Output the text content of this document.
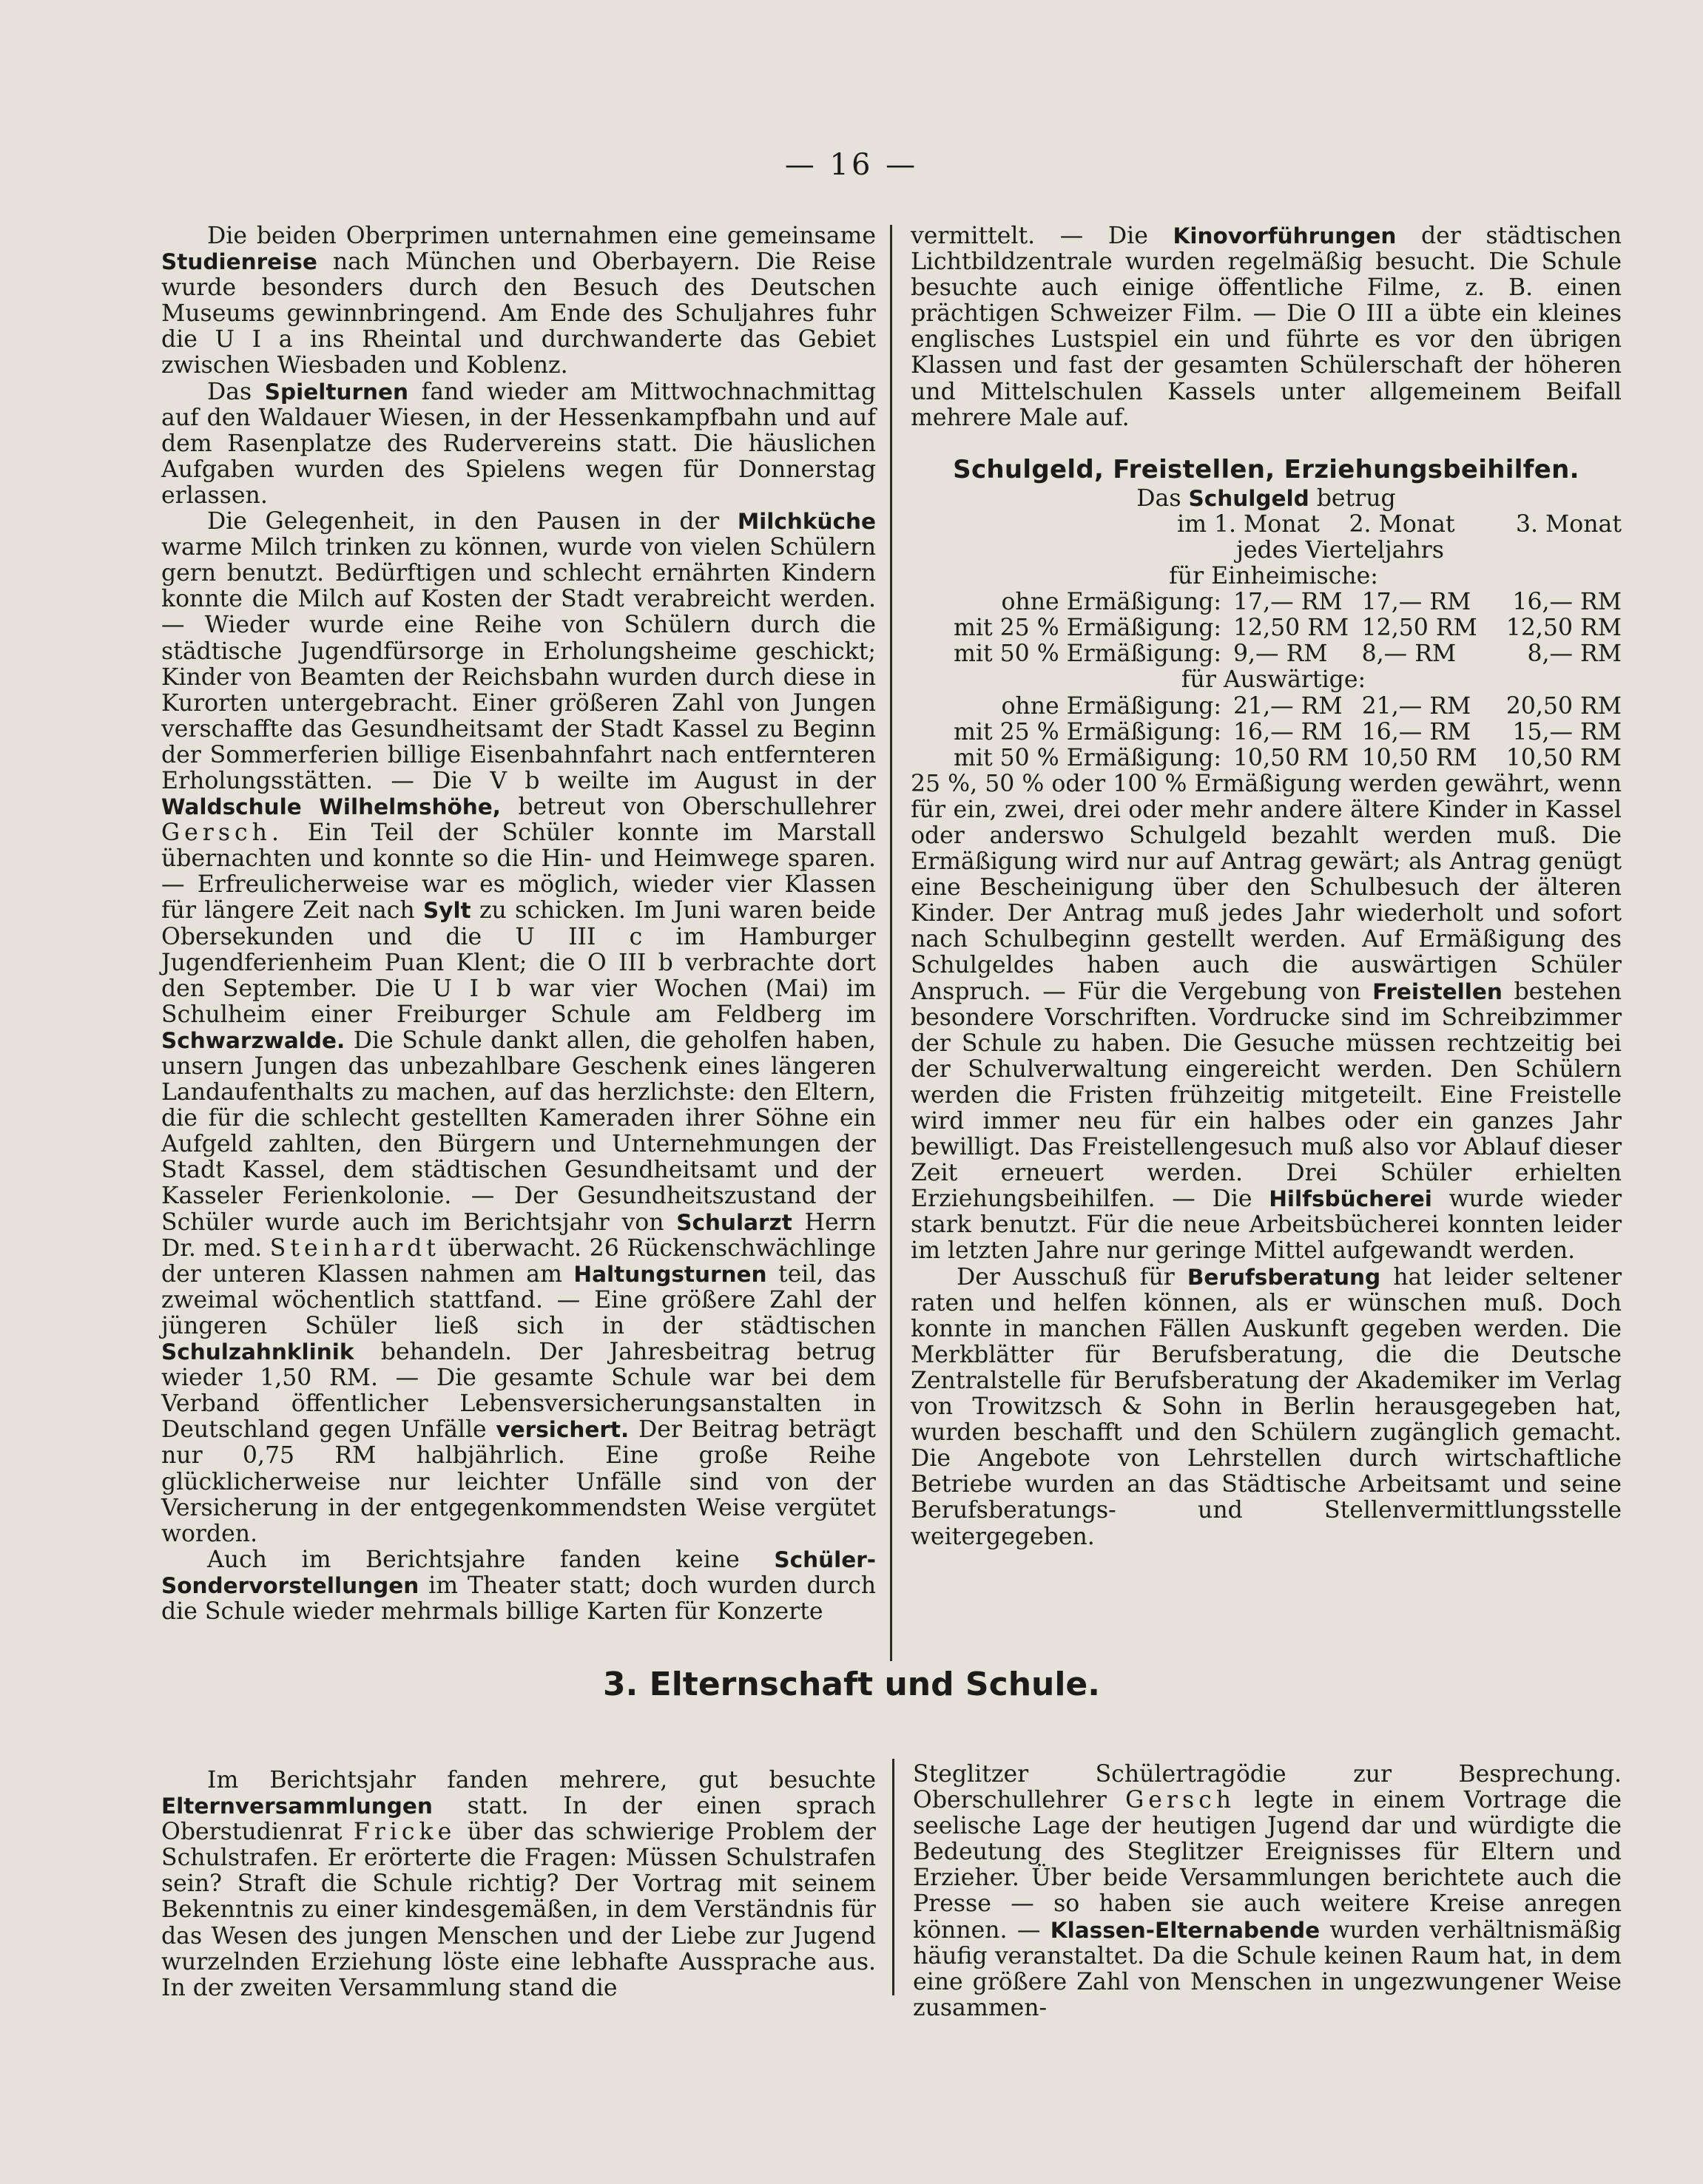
— 16 —

Die beiden Oberprimen unternahmen eine gemeinsame Studienreise nach München und Oberbayern. Die Reise wurde besonders durch den Besuch des Deutschen Museums gewinnbringend. Am Ende des Schuljahres fuhr die U I a ins Rheintal und durchwanderte das Gebiet zwischen Wiesbaden und Koblenz.

Das Spielturnen fand wieder am Mittwochnachmittag auf den Waldauer Wiesen, in der Hessenkampfbahn und auf dem Rasenplatze des Rudervereins statt. Die häuslichen Aufgaben wurden des Spielens wegen für Donnerstag erlassen.

Die Gelegenheit, in den Pausen in der Milchküche warme Milch trinken zu können, wurde von vielen Schülern gern benutzt. Bedürftigen und schlecht ernährten Kindern konnte die Milch auf Kosten der Stadt verabreicht werden. — Wieder wurde eine Reihe von Schülern durch die städtische Jugendfürsorge in Erholungsheime geschickt; Kinder von Beamten der Reichsbahn wurden durch diese in Kurorten untergebracht. Einer größeren Zahl von Jungen verschaffte das Gesundheitsamt der Stadt Kassel zu Beginn der Sommerferien billige Eisenbahnfahrt nach entfernteren Erholungsstätten. — Die V b weilte im August in der Waldschule Wilhelmshöhe, betreut von Oberschullehrer Gersch. Ein Teil der Schüler konnte im Marstall übernachten und konnte so die Hin- und Heimwege sparen. — Erfreulicherweise war es möglich, wieder vier Klassen für längere Zeit nach Sylt zu schicken. Im Juni waren beide Obersekunden und die U III c im Hamburger Jugendferienheim Puan Klent; die O III b verbrachte dort den September. Die U I b war vier Wochen (Mai) im Schulheim einer Freiburger Schule am Feldberg im Schwarzwalde. Die Schule dankt allen, die geholfen haben, unsern Jungen das unbezahlbare Geschenk eines längeren Landaufenthalts zu machen, auf das herzlichste: den Eltern, die für die schlecht gestellten Kameraden ihrer Söhne ein Aufgeld zahlten, den Bürgern und Unternehmungen der Stadt Kassel, dem städtischen Gesundheitsamt und der Kasseler Ferienkolonie. — Der Gesundheitszustand der Schüler wurde auch im Berichtsjahr von Schularzt Herrn Dr. med. Steinhardt überwacht. 26 Rückenschwächlinge der unteren Klassen nahmen am Haltungsturnen teil, das zweimal wöchentlich stattfand. — Eine größere Zahl der jüngeren Schüler ließ sich in der städtischen Schulzahnklinik behandeln. Der Jahresbeitrag betrug wieder 1,50 RM. — Die gesamte Schule war bei dem Verband öffentlicher Lebensversicherungsanstalten in Deutschland gegen Unfälle versichert. Der Beitrag beträgt nur 0,75 RM halbjährlich. Eine große Reihe glücklicherweise nur leichter Unfälle sind von der Versicherung in der entgegenkommendsten Weise vergütet worden.

Auch im Berichtsjahre fanden keine Schüler-Sondervorstellungen im Theater statt; doch wurden durch die Schule wieder mehrmals billige Karten für Konzerte

vermittelt. — Die Kinovorführungen der städtischen Lichtbildzentrale wurden regelmäßig besucht. Die Schule besuchte auch einige öffentliche Filme, z. B. einen prächtigen Schweizer Film. — Die O III a übte ein kleines englisches Lustspiel ein und führte es vor den übrigen Klassen und fast der gesamten Schülerschaft der höheren und Mittelschulen Kassels unter allgemeinem Beifall mehrere Male auf.

Schulgeld, Freistellen, Erziehungsbeihilfen.

Das Schulgeld betrug

im 1. Monat	2. Monat	3. Monat

jedes Vierteljahrs

für Einheimische:

ohne Ermäßigung:	17,— RM	17,— RM	16,— RM
mit 25 % Ermäßigung:	12,50 RM	12,50 RM	12,50 RM
mit 50 % Ermäßigung:	9,— RM	8,— RM	8,— RM

für Auswärtige:

ohne Ermäßigung:	21,— RM	21,— RM	20,50 RM
mit 25 % Ermäßigung:	16,— RM	16,— RM	15,— RM
mit 50 % Ermäßigung:	10,50 RM	10,50 RM	10,50 RM

25 %, 50 % oder 100 % Ermäßigung werden gewährt, wenn für ein, zwei, drei oder mehr andere ältere Kinder in Kassel oder anderswo Schulgeld bezahlt werden muß. Die Ermäßigung wird nur auf Antrag gewärt; als Antrag genügt eine Bescheinigung über den Schulbesuch der älteren Kinder. Der Antrag muß jedes Jahr wiederholt und sofort nach Schulbeginn gestellt werden. Auf Ermäßigung des Schulgeldes haben auch die auswärtigen Schüler Anspruch. — Für die Vergebung von Freistellen bestehen besondere Vorschriften. Vordrucke sind im Schreibzimmer der Schule zu haben. Die Gesuche müssen rechtzeitig bei der Schulverwaltung eingereicht werden. Den Schülern werden die Fristen frühzeitig mitgeteilt. Eine Freistelle wird immer neu für ein halbes oder ein ganzes Jahr bewilligt. Das Freistellengesuch muß also vor Ablauf dieser Zeit erneuert werden. Drei Schüler erhielten Erziehungsbeihilfen. — Die Hilfsbücherei wurde wieder stark benutzt. Für die neue Arbeitsbücherei konnten leider im letzten Jahre nur geringe Mittel aufgewandt werden.

Der Ausschuß für Berufsberatung hat leider seltener raten und helfen können, als er wünschen muß. Doch konnte in manchen Fällen Auskunft gegeben werden. Die Merkblätter für Berufsberatung, die die Deutsche Zentralstelle für Berufsberatung der Akademiker im Verlag von Trowitzsch & Sohn in Berlin herausgegeben hat, wurden beschafft und den Schülern zugänglich gemacht. Die Angebote von Lehrstellen durch wirtschaftliche Betriebe wurden an das Städtische Arbeitsamt und seine Berufsberatungs- und Stellenvermittlungsstelle weitergegeben.

3. Elternschaft und Schule.

Im Berichtsjahr fanden mehrere, gut besuchte Elternversammlungen statt. In der einen sprach Oberstudienrat Fricke über das schwierige Problem der Schulstrafen. Er erörterte die Fragen: Müssen Schulstrafen sein? Straft die Schule richtig? Der Vortrag mit seinem Bekenntnis zu einer kindesgemäßen, in dem Verständnis für das Wesen des jungen Menschen und der Liebe zur Jugend wurzelnden Erziehung löste eine lebhafte Aussprache aus. In der zweiten Versammlung stand die

Steglitzer Schülertragödie zur Besprechung. Oberschullehrer Gersch legte in einem Vortrage die seelische Lage der heutigen Jugend dar und würdigte die Bedeutung des Steglitzer Ereignisses für Eltern und Erzieher. Über beide Versammlungen berichtete auch die Presse — so haben sie auch weitere Kreise anregen können. — Klassen-Elternabende wurden verhältnismäßig häufig veranstaltet. Da die Schule keinen Raum hat, in dem eine größere Zahl von Menschen in ungezwungener Weise zusammen-
